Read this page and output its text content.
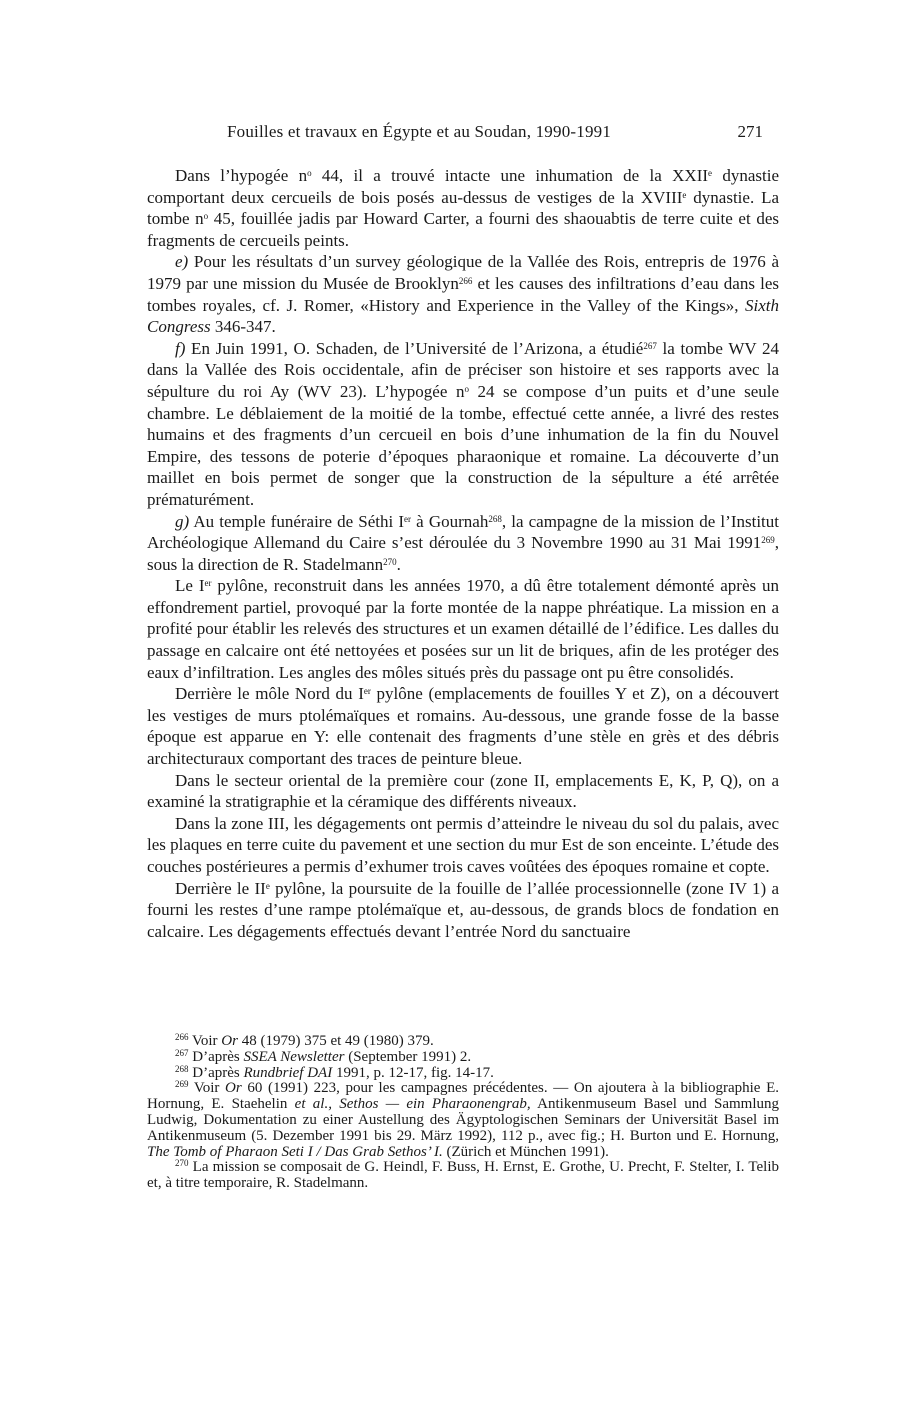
Fouilles et travaux en Égypte et au Soudan, 1990-1991	271

Dans l’hypogée $n^o$ 44, il a trouvé intacte une inhumation de la XXIIe dynastie comportant deux cercueils de bois posés au-dessus de vestiges de la XVIIIe dynastie. La tombe $n^o$ 45, fouillée jadis par Howard Carter, a fourni des shaouabtis de terre cuite et des fragments de cercueils peints.

e) Pour les résultats d’un survey géologique de la Vallée des Rois, entrepris de 1976 à 1979 par une mission du Musée de Brooklyn$^{266}$ et les causes des infiltrations d’eau dans les tombes royales, cf. J. Romer, «History and Experience in the Valley of the Kings», Sixth Congress 346-347.

f) En Juin 1991, O. Schaden, de l’Université de l’Arizona, a étudié$^{267}$ la tombe WV 24 dans la Vallée des Rois occidentale, afin de préciser son histoire et ses rapports avec la sépulture du roi Ay (WV 23). L’hypogée $n^o$ 24 se compose d’un puits et d’une seule chambre. Le déblaiement de la moitié de la tombe, effectué cette année, a livré des restes humains et des fragments d’un cercueil en bois d’une inhumation de la fin du Nouvel Empire, des tessons de poterie d’époques pharaonique et romaine. La découverte d’un maillet en bois permet de songer que la construction de la sépulture a été arrêtée prématurément.

g) Au temple funéraire de Séthi Ier à Gournah$^{268}$, la campagne de la mission de l’Institut Archéologique Allemand du Caire s’est déroulée du 3 Novembre 1990 au 31 Mai 1991$^{269}$, sous la direction de R. Stadelmann$^{270}$.

Le Ier pylône, reconstruit dans les années 1970, a dû être totalement démonté après un effondrement partiel, provoqué par la forte montée de la nappe phréatique. La mission en a profité pour établir les relevés des structures et un examen détaillé de l’édifice. Les dalles du passage en calcaire ont été nettoyées et posées sur un lit de briques, afin de les protéger des eaux d’infiltration. Les angles des môles situés près du passage ont pu être consolidés.

Derrière le môle Nord du Ier pylône (emplacements de fouilles Y et Z), on a découvert les vestiges de murs ptolémaïques et romains. Au-dessous, une grande fosse de la basse époque est apparue en Y: elle contenait des fragments d’une stèle en grès et des débris architecturaux comportant des traces de peinture bleue.

Dans le secteur oriental de la première cour (zone II, emplacements E, K, P, Q), on a examiné la stratigraphie et la céramique des différents niveaux.

Dans la zone III, les dégagements ont permis d’atteindre le niveau du sol du palais, avec les plaques en terre cuite du pavement et une section du mur Est de son enceinte. L’étude des couches postérieures a permis d’exhumer trois caves voûtées des époques romaine et copte.

Derrière le IIe pylône, la poursuite de la fouille de l’allée processionnelle (zone IV 1) a fourni les restes d’une rampe ptolémaïque et, au-dessous, de grands blocs de fondation en calcaire. Les dégagements effectués devant l’entrée Nord du sanctuaire

$^{266}$ Voir Or 48 (1979) 375 et 49 (1980) 379.

$^{267}$ D’après SSEA Newsletter (September 1991) 2.

$^{268}$ D’après Rundbrief DAI 1991, p. 12-17, fig. 14-17.

$^{269}$ Voir Or 60 (1991) 223, pour les campagnes précédentes. — On ajoutera à la bibliographie E. Hornung, E. Staehelin et al., Sethos — ein Pharaonengrab, Antikenmuseum Basel und Sammlung Ludwig, Dokumentation zu einer Austellung des Ägyptologischen Seminars der Universität Basel im Antikenmuseum (5. Dezember 1991 bis 29. März 1992), 112 p., avec fig.; H. Burton und E. Hornung, The Tomb of Pharaon Seti I / Das Grab Sethos’ I. (Zürich et München 1991).

$^{270}$ La mission se composait de G. Heindl, F. Buss, H. Ernst, E. Grothe, U. Precht, F. Stelter, I. Telib et, à titre temporaire, R. Stadelmann.
